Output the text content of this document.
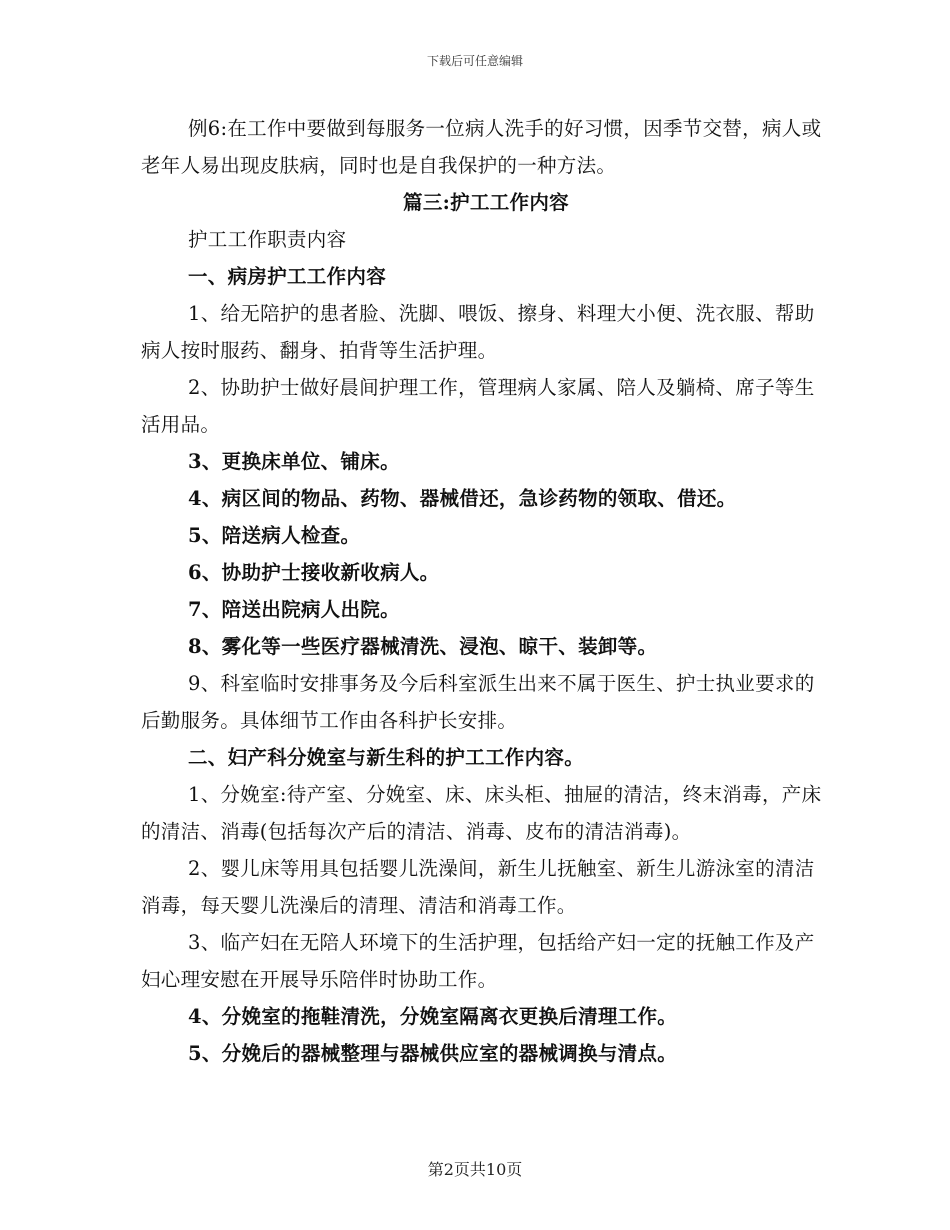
下载后可任意编辑

例6:在工作中要做到每服务一位病人洗手的好习惯，因季节交替，病人或老年人易出现皮肤病，同时也是自我保护的一种方法。

篇三:护工工作内容

护工工作职责内容

一、病房护工工作内容

1、给无陪护的患者脸、洗脚、喂饭、擦身、料理大小便、洗衣服、帮助病人按时服药、翻身、拍背等生活护理。

2、协助护士做好晨间护理工作，管理病人家属、陪人及躺椅、席子等生活用品。

3、更换床单位、铺床。

4、病区间的物品、药物、器械借还，急诊药物的领取、借还。

5、陪送病人检查。

6、协助护士接收新收病人。

7、陪送出院病人出院。

8、雾化等一些医疗器械清洗、浸泡、晾干、装卸等。

9、科室临时安排事务及今后科室派生出来不属于医生、护士执业要求的后勤服务。具体细节工作由各科护长安排。

二、妇产科分娩室与新生科的护工工作内容。

1、分娩室:待产室、分娩室、床、床头柜、抽屉的清洁，终末消毒，产床的清洁、消毒(包括每次产后的清洁、消毒、皮布的清洁消毒)。

2、婴儿床等用具包括婴儿洗澡间，新生儿抚触室、新生儿游泳室的清洁消毒，每天婴儿洗澡后的清理、清洁和消毒工作。

3、临产妇在无陪人环境下的生活护理，包括给产妇一定的抚触工作及产妇心理安慰在开展导乐陪伴时协助工作。

4、分娩室的拖鞋清洗，分娩室隔离衣更换后清理工作。

5、分娩后的器械整理与器械供应室的器械调换与清点。

第2页共10页
